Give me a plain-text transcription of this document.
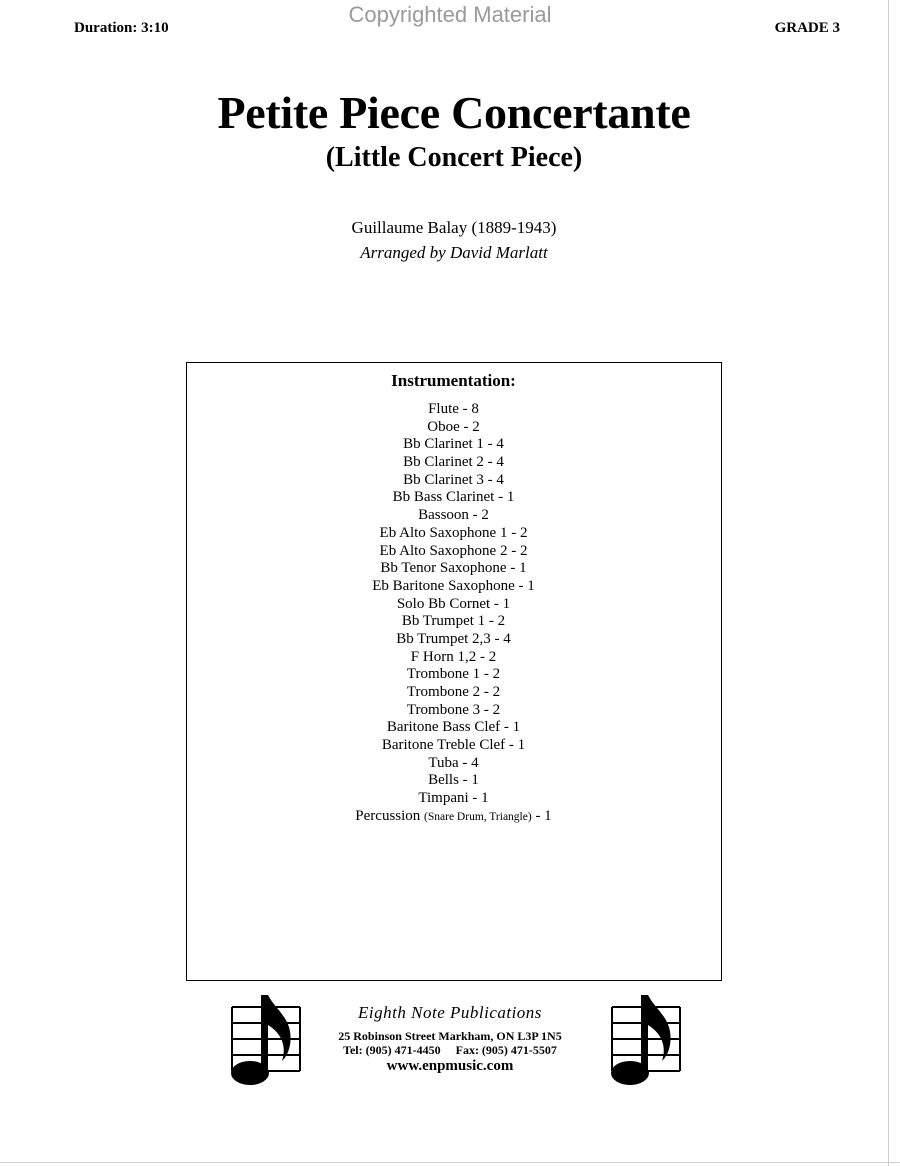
Copyrighted Material
Duration: 3:10	GRADE 3
Petite Piece Concertante
(Little Concert Piece)
Guillaume Balay (1889-1943)
Arranged by David Marlatt
Instrumentation:
Flute - 8
Oboe - 2
Bb Clarinet 1 - 4
Bb Clarinet 2 - 4
Bb Clarinet 3 - 4
Bb Bass Clarinet - 1
Bassoon - 2
Eb Alto Saxophone 1 - 2
Eb Alto Saxophone 2 - 2
Bb Tenor Saxophone - 1
Eb Baritone Saxophone - 1
Solo Bb Cornet - 1
Bb Trumpet 1 - 2
Bb Trumpet 2,3 - 4
F Horn 1,2 - 2
Trombone 1 - 2
Trombone 2 - 2
Trombone 3 - 2
Baritone Bass Clef - 1
Baritone Treble Clef - 1
Tuba - 4
Bells - 1
Timpani - 1
Percussion (Snare Drum, Triangle) - 1
Eighth Note Publications
25 Robinson Street Markham, ON L3P 1N5
Tel: (905) 471-4450 Fax: (905) 471-5507
www.enpmusic.com
